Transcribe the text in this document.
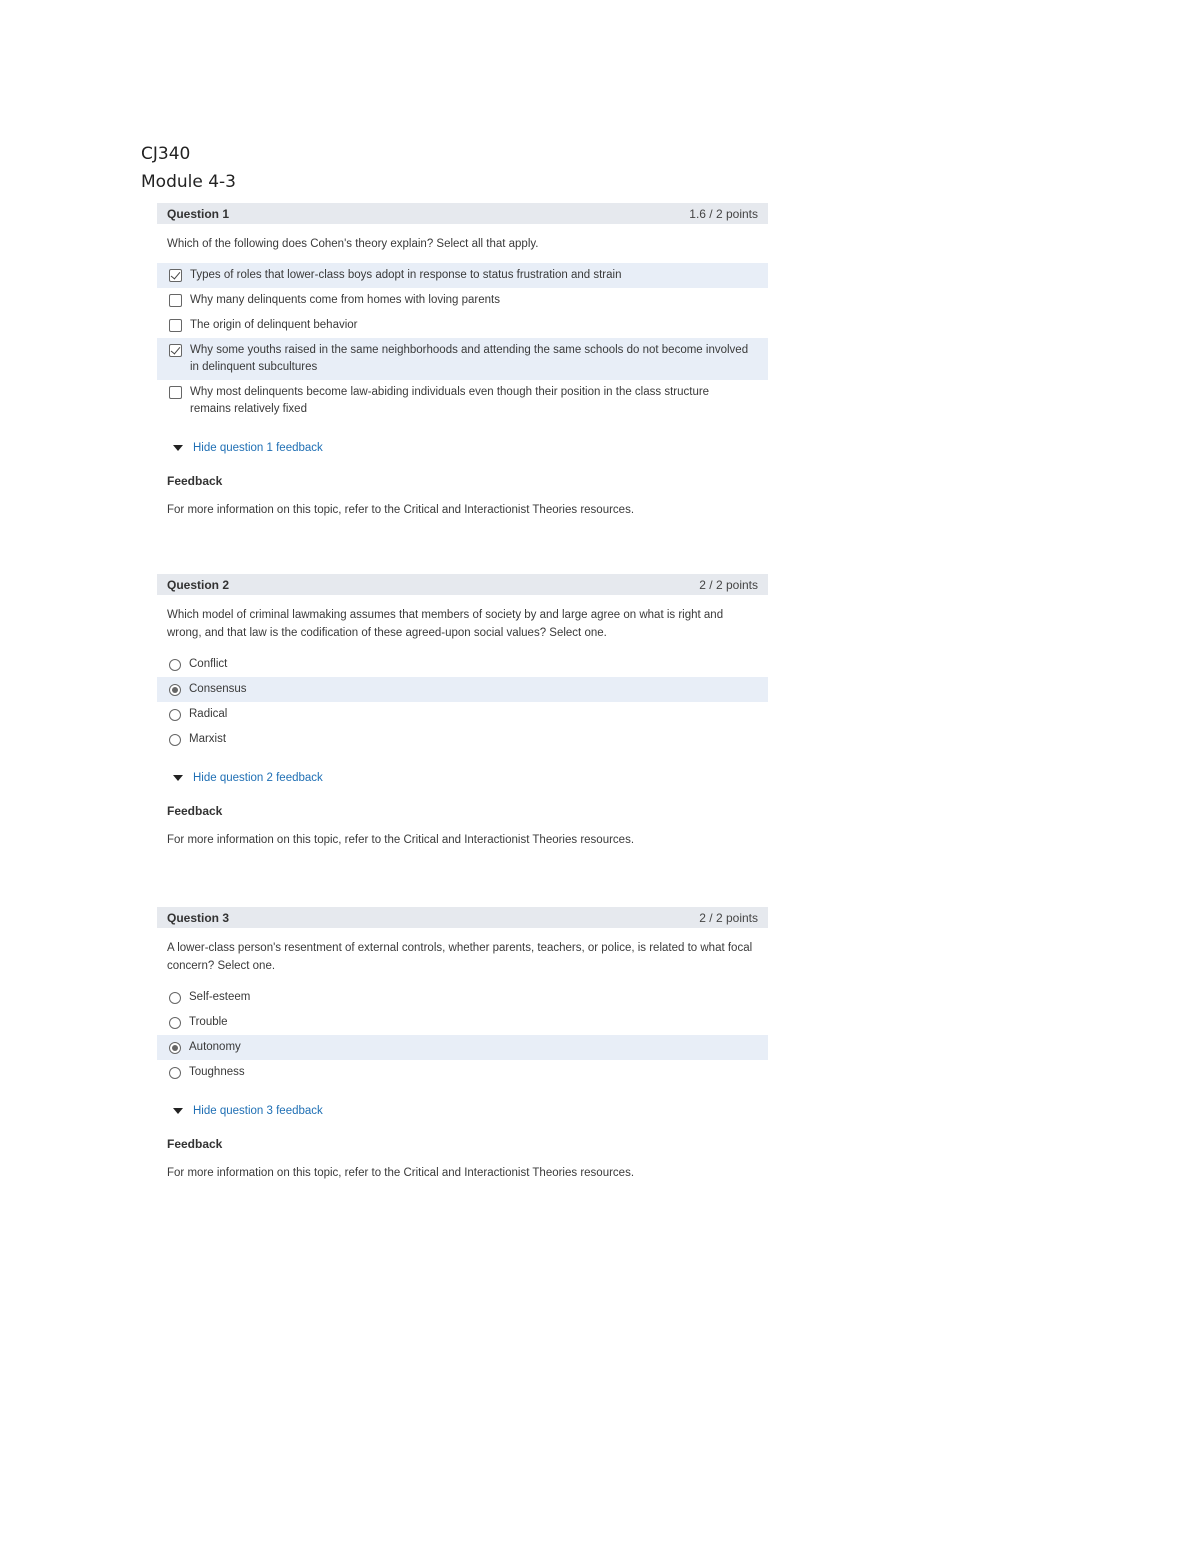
CJ340
Module 4-3
Question 1	1.6 / 2 points
Which of the following does Cohen's theory explain? Select all that apply.
Types of roles that lower-class boys adopt in response to status frustration and strain
Why many delinquents come from homes with loving parents
The origin of delinquent behavior
Why some youths raised in the same neighborhoods and attending the same schools do not become involved in delinquent subcultures
Why most delinquents become law-abiding individuals even though their position in the class structure remains relatively fixed
Hide question 1 feedback
Feedback
For more information on this topic, refer to the Critical and Interactionist Theories resources.
Question 2	2 / 2 points
Which model of criminal lawmaking assumes that members of society by and large agree on what is right and wrong, and that law is the codification of these agreed-upon social values? Select one.
Conflict
Consensus
Radical
Marxist
Hide question 2 feedback
Feedback
For more information on this topic, refer to the Critical and Interactionist Theories resources.
Question 3	2 / 2 points
A lower-class person's resentment of external controls, whether parents, teachers, or police, is related to what focal concern? Select one.
Self-esteem
Trouble
Autonomy
Toughness
Hide question 3 feedback
Feedback
For more information on this topic, refer to the Critical and Interactionist Theories resources.
